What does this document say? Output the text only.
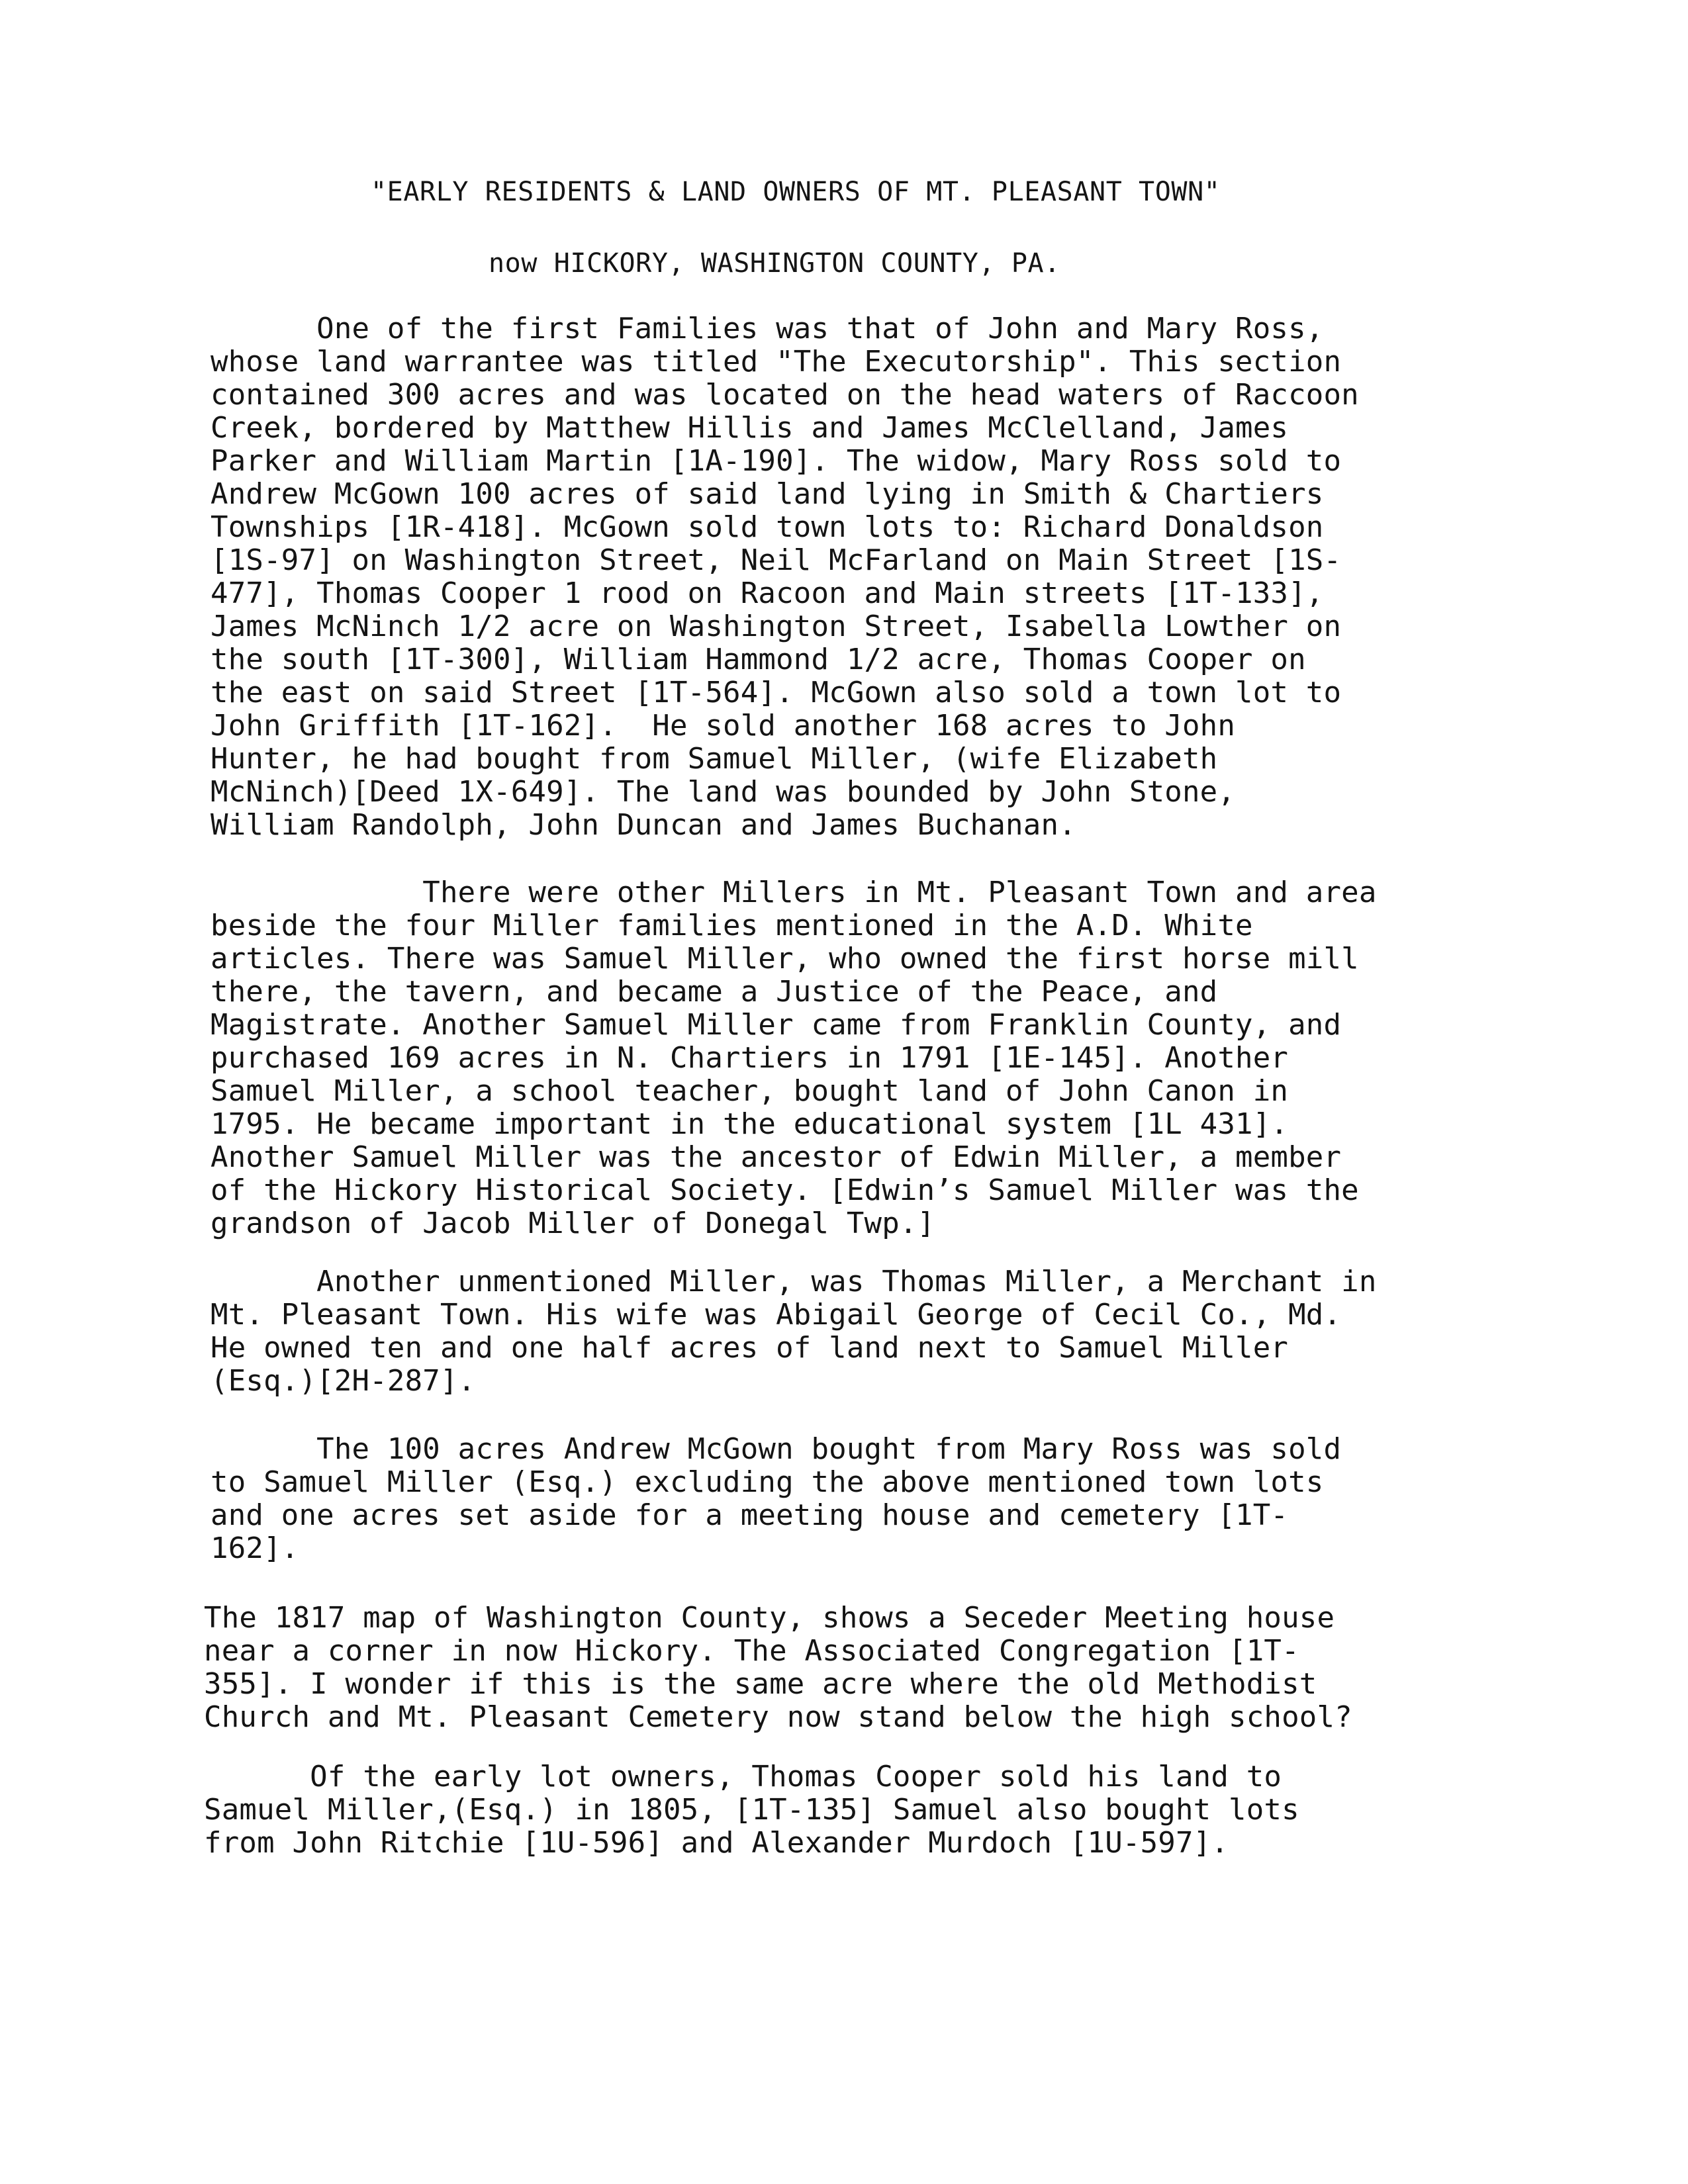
"EARLY RESIDENTS & LAND OWNERS OF MT. PLEASANT TOWN"
now HICKORY, WASHINGTON COUNTY, PA.
One of the first Families was that of John and Mary Ross,
whose land warrantee was titled "The Executorship". This section
contained 300 acres and was located on the head waters of Raccoon
Creek, bordered by Matthew Hillis and James McClelland, James
Parker and William Martin [1A-190]. The widow, Mary Ross sold to
Andrew McGown 100 acres of said land lying in Smith & Chartiers
Townships [1R-418]. McGown sold town lots to: Richard Donaldson
[1S-97] on Washington Street, Neil McFarland on Main Street [1S-
477], Thomas Cooper 1 rood on Racoon and Main streets [1T-133],
James McNinch 1/2 acre on Washington Street, Isabella Lowther on
the south [1T-300], William Hammond 1/2 acre, Thomas Cooper on
the east on said Street [1T-564]. McGown also sold a town lot to
John Griffith [1T-162].  He sold another 168 acres to John
Hunter, he had bought from Samuel Miller, (wife Elizabeth
McNinch)[Deed 1X-649]. The land was bounded by John Stone,
William Randolph, John Duncan and James Buchanan.
There were other Millers in Mt. Pleasant Town and area
beside the four Miller families mentioned in the A.D. White
articles. There was Samuel Miller, who owned the first horse mill
there, the tavern, and became a Justice of the Peace, and
Magistrate. Another Samuel Miller came from Franklin County, and
purchased 169 acres in N. Chartiers in 1791 [1E-145]. Another
Samuel Miller, a school teacher, bought land of John Canon in
1795. He became important in the educational system [1L 431].
Another Samuel Miller was the ancestor of Edwin Miller, a member
of the Hickory Historical Society. [Edwin’s Samuel Miller was the
grandson of Jacob Miller of Donegal Twp.]
Another unmentioned Miller, was Thomas Miller, a Merchant in
Mt. Pleasant Town. His wife was Abigail George of Cecil Co., Md.
He owned ten and one half acres of land next to Samuel Miller
(Esq.)[2H-287].
The 100 acres Andrew McGown bought from Mary Ross was sold
to Samuel Miller (Esq.) excluding the above mentioned town lots
and one acres set aside for a meeting house and cemetery [1T-
162].
The 1817 map of Washington County, shows a Seceder Meeting house
near a corner in now Hickory. The Associated Congregation [1T-
355]. I wonder if this is the same acre where the old Methodist
Church and Mt. Pleasant Cemetery now stand below the high school?
Of the early lot owners, Thomas Cooper sold his land to
Samuel Miller,(Esq.) in 1805, [1T-135] Samuel also bought lots
from John Ritchie [1U-596] and Alexander Murdoch [1U-597].
